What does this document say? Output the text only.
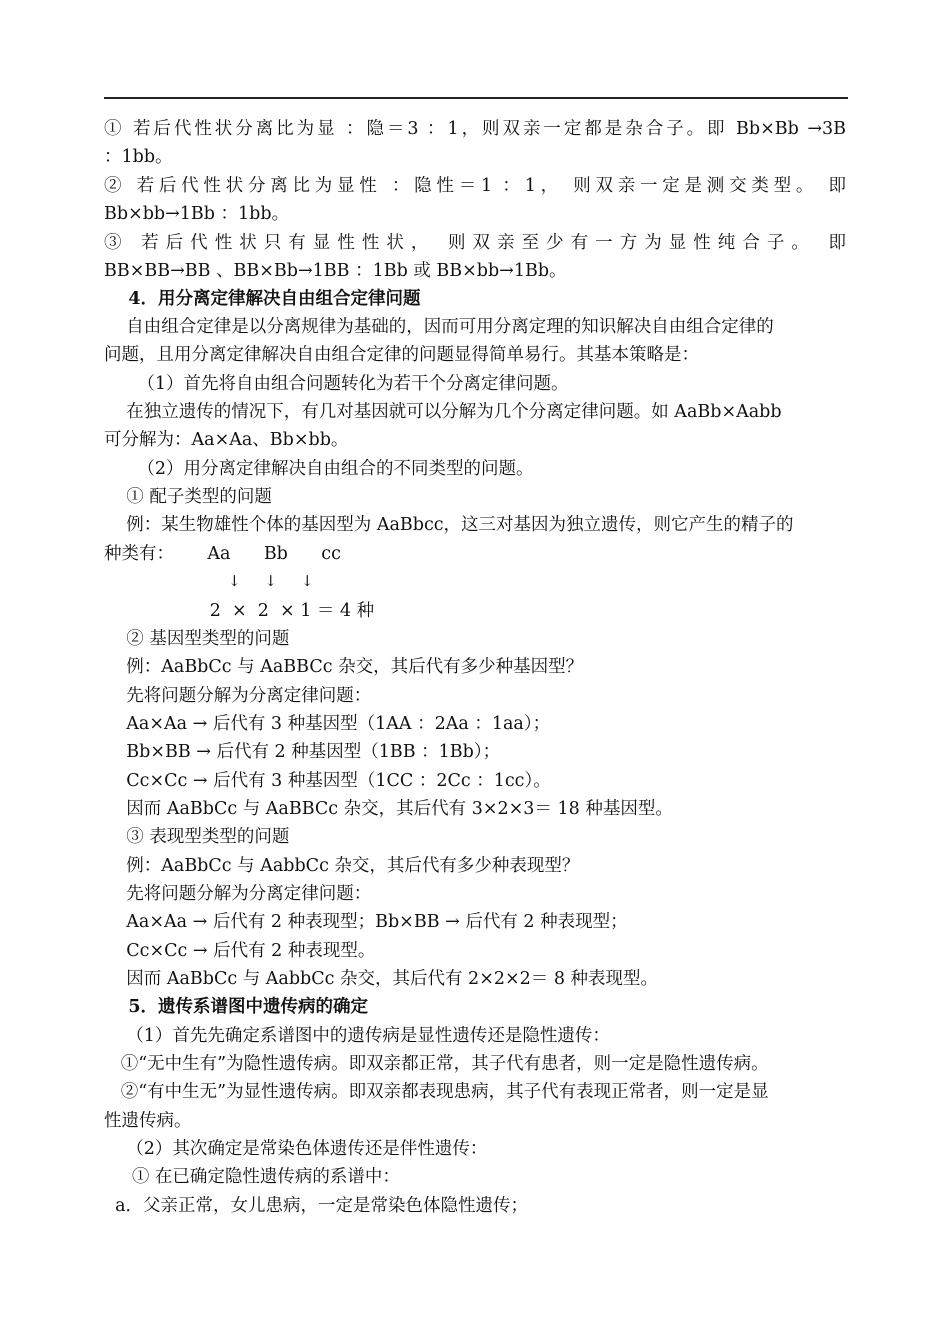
① 若后代性状分离比为显 ：隐＝3 ：1，则双亲一定都是杂合子。即 Bb×Bb →3B
：1bb。
② 若后代性状分离比为显性 ：隐性＝1 ：1， 则双亲一定是测交类型。 即
Bb×bb→1Bb ：1bb。
③ 若后代性状只有显性性状， 则双亲至少有一方为显性纯合子。 即
BB×BB→BB 、BB×Bb→1BB ：1Bb 或 BB×bb→1Bb。
4．用分离定律解决自由组合定律问题
自由组合定律是以分离规律为基础的，因而可用分离定理的知识解决自由组合定律的
问题，且用分离定律解决自由组合定律的问题显得简单易行。其基本策略是：
（1）首先将自由组合问题转化为若干个分离定律问题。
在独立遗传的情况下，有几对基因就可以分解为几个分离定律问题。如 AaBb×Aabb
可分解为：Aa×Aa、Bb×bb。
（2）用分离定律解决自由组合的不同类型的问题。
① 配子类型的问题
例：某生物雄性个体的基因型为 AaBbcc，这三对基因为独立遗传，则它产生的精子的
种类有：      Aa      Bb      cc
↓     ↓     ↓
2  ×  2  × 1 ＝ 4 种
② 基因型类型的问题
例：AaBbCc 与 AaBBCc 杂交，其后代有多少种基因型？
先将问题分解为分离定律问题：
Aa×Aa → 后代有 3 种基因型（1AA ：2Aa ：1aa）；
Bb×BB → 后代有 2 种基因型（1BB ：1Bb）；
Cc×Cc → 后代有 3 种基因型（1CC ：2Cc ：1cc）。
因而 AaBbCc 与 AaBBCc 杂交，其后代有 3×2×3＝ 18 种基因型。
③ 表现型类型的问题
例：AaBbCc 与 AabbCc 杂交，其后代有多少种表现型？
先将问题分解为分离定律问题：
Aa×Aa → 后代有 2 种表现型；Bb×BB → 后代有 2 种表现型；
Cc×Cc → 后代有 2 种表现型。
因而 AaBbCc 与 AabbCc 杂交，其后代有 2×2×2＝ 8 种表现型。
5．遗传系谱图中遗传病的确定
（1）首先先确定系谱图中的遗传病是显性遗传还是隐性遗传：
①“无中生有”为隐性遗传病。即双亲都正常，其子代有患者，则一定是隐性遗传病。
②“有中生无”为显性遗传病。即双亲都表现患病，其子代有表现正常者，则一定是显
性遗传病。
（2）其次确定是常染色体遗传还是伴性遗传：
① 在已确定隐性遗传病的系谱中：
a．父亲正常，女儿患病，一定是常染色体隐性遗传；
